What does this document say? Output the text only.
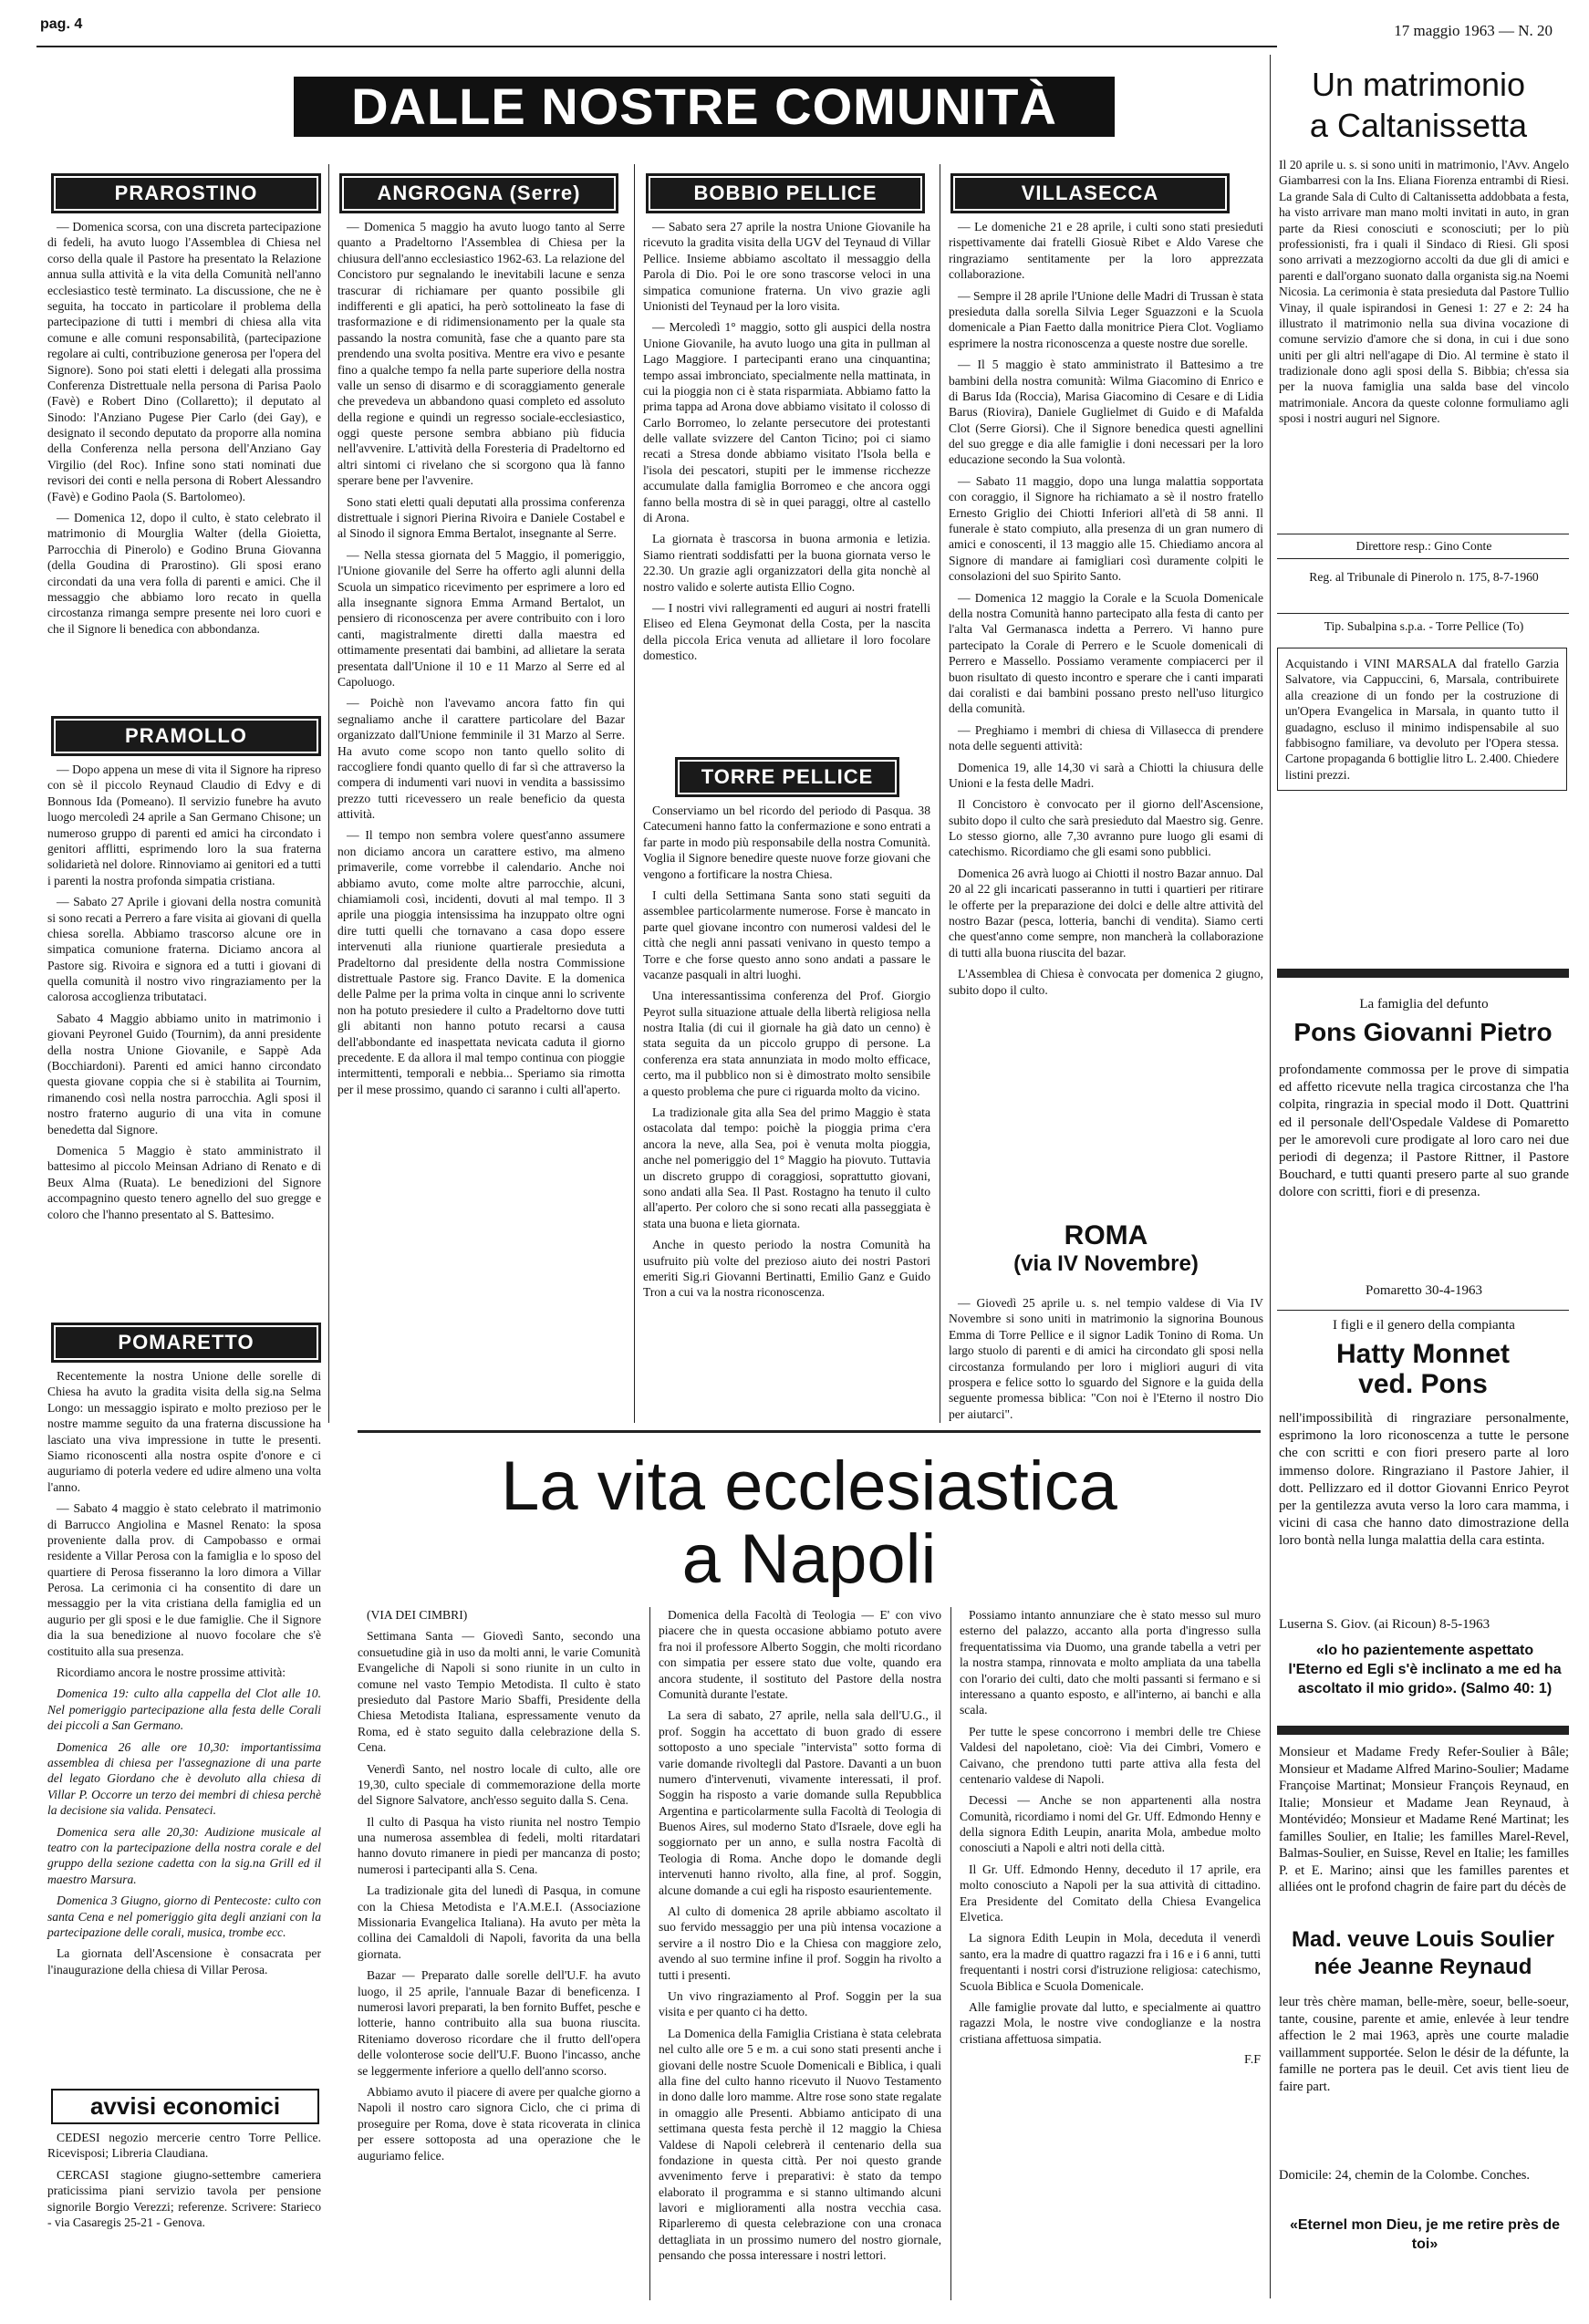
pag. 4	17 maggio 1963 — N. 20
DALLE NOSTRE COMUNITÀ	Un matrimonio
a Caltanissetta
Il 20 aprile u. s. si sono uniti in matrimonio, l'Avv. Angelo Giambarresi con la Ins. Eliana Fiorenza entrambi di Riesi. La grande Sala di Culto di Caltanissetta addobbata a festa, ha visto arrivare man mano molti invitati in auto, in gran parte da Riesi conosciuti e sconosciuti; per lo più professionisti, fra i quali il Sindaco di Riesi. Gli sposi sono arrivati a mezzogiorno accolti da due gli di amici e parenti e dall'organo suonato dalla organista sig.na Noemi Nicosia. La cerimonia è stata presieduta dal Pastore Tullio Vinay, il quale ispirandosi in Genesi 1: 27 e 2: 24 ha illustrato il matrimonio nella sua divina vocazione di comune servizio d'amore che si dona, in cui i due sono uniti per gli altri nell'agape di Dio. Al termine è stato il tradizionale dono agli sposi della S. Bibbia; ch'essa sia per la nuova famiglia una salda base del vincolo matrimoniale. Ancora da queste colonne formuliamo agli sposi i nostri auguri nel Signore.
Direttore resp.: Gino Conte
Reg. al Tribunale di Pinerolo n. 175, 8-7-1960
Tip. Subalpina s.p.a. - Torre Pellice (To)
Acquistando i VINI MARSALA dal fratello Garzia Salvatore, via Cappuccini, 6, Marsala, contribuirete alla creazione di un fondo per la costruzione di un'Opera Evangelica in Marsala, in quanto tutto il guadagno, escluso il minimo indispensabile al suo fabbisogno familiare, va devoluto per l'Opera stessa. Cartone propaganda 6 bottiglie litro L. 2.400. Chiedere listini prezzi.
PRAROSTINO

— Domenica scorsa, con una discreta partecipazione di fedeli, ha avuto luogo l'Assemblea di Chiesa nel corso della quale il Pastore ha presentato la Relazione annua sulla attività e la vita della Comunità nell'anno ecclesiastico testè terminato. La discussione, che ne è seguita, ha toccato in particolare il problema della partecipazione di tutti i membri di chiesa alla vita comune e alle comuni responsabilità, (partecipazione regolare ai culti, contribuzione generosa per l'opera del Signore). Sono poi stati eletti i delegati alla prossima Conferenza Distrettuale nella persona di Parisa Paolo (Favè) e Robert Dino (Collaretto); il deputato al Sinodo: l'Anziano Pugese Pier Carlo (dei Gay), e designato il secondo deputato da proporre alla nomina della Conferenza nella persona dell'Anziano Gay Virgilio (del Roc). Infine sono stati nominati due revisori dei conti e nella persona di Robert Alessandro (Favè) e Godino Paola (S. Bartolomeo).

— Domenica 12, dopo il culto, è stato celebrato il matrimonio di Mourglia Walter (della Gioietta, Parrocchia di Pinerolo) e Godino Bruna Giovanna (della Goudina di Prarostino). Gli sposi erano circondati da una vera folla di parenti e amici. Che il messaggio che abbiamo loro recato in quella circostanza rimanga sempre presente nei loro cuori e che il Signore li benedica con abbondanza.

PRAMOLLO

— Dopo appena un mese di vita il Signore ha ripreso con sè il piccolo Reynaud Claudio di Edvy e di Bonnous Ida (Pomeano). Il servizio funebre ha avuto luogo mercoledì 24 aprile a San Germano Chisone; un numeroso gruppo di parenti ed amici ha circondato i genitori afflitti, esprimendo loro la sua fraterna solidarietà nel dolore. Rinnoviamo ai genitori ed a tutti i parenti la nostra profonda simpatia cristiana.

— Sabato 27 Aprile i giovani della nostra comunità si sono recati a Perrero a fare visita ai giovani di quella chiesa sorella. Abbiamo trascorso alcune ore in simpatica comunione fraterna. Diciamo ancora al Pastore sig. Rivoira e signora ed a tutti i giovani di quella comunità il nostro vivo ringraziamento per la calorosa accoglienza tributataci.

Sabato 4 Maggio abbiamo unito in matrimonio i giovani Peyronel Guido (Tournim), da anni presidente della nostra Unione Giovanile, e Sappè Ada (Bocchiardoni). Parenti ed amici hanno circondato questa giovane coppia che si è stabilita ai Tournim, rimanendo così nella nostra parrocchia. Agli sposi il nostro fraterno augurio di una vita in comune benedetta dal Signore.

Domenica 5 Maggio è stato amministrato il battesimo al piccolo Meinsan Adriano di Renato e di Beux Alma (Ruata). Le benedizioni del Signore accompagnino questo tenero agnello del suo gregge e coloro che l'hanno presentato al S. Battesimo.

POMARETTO

Recentemente la nostra Unione delle sorelle di Chiesa ha avuto la gradita visita della sig.na Selma Longo: un messaggio ispirato e molto prezioso per le nostre mamme seguito da una fraterna discussione ha lasciato una viva impressione in tutte le presenti. Siamo riconoscenti alla nostra ospite d'onore e ci auguriamo di poterla vedere ed udire almeno una volta l'anno.

— Sabato 4 maggio è stato celebrato il matrimonio di Barrucco Angiolina e Masnel Renato: la sposa proveniente dalla prov. di Campobasso e ormai residente a Villar Perosa con la famiglia e lo sposo del quartiere di Perosa fisseranno la loro dimora a Villar Perosa. La cerimonia ci ha consentito di dare un messaggio per la vita cristiana della famiglia ed un augurio per gli sposi e le due famiglie. Che il Signore dia la sua benedizione al nuovo focolare che s'è costituito alla sua presenza.

Ricordiamo ancora le nostre prossime attività:

Domenica 19: culto alla cappella del Clot alle 10. Nel pomeriggio partecipazione alla festa delle Corali dei piccoli a San Germano.

Domenica 26 alle ore 10,30: importantissima assemblea di chiesa per l'assegnazione di una parte del legato Giordano che è devoluto alla chiesa di Villar P. Occorre un terzo dei membri di chiesa perchè la decisione sia valida. Pensateci.

Domenica sera alle 20,30: Audizione musicale al teatro con la partecipazione della nostra corale e del gruppo della sezione cadetta con la sig.na Grill ed il maestro Marsura.

Domenica 3 Giugno, giorno di Pentecoste: culto con santa Cena e nel pomeriggio gita degli anziani con la partecipazione delle corali, musica, trombe ecc.

La giornata dell'Ascensione è consacrata per l'inaugurazione della chiesa di Villar Perosa.

avvisi economici

CEDESI negozio mercerie centro Torre Pellice. Ricevisposi; Libreria Claudiana.

CERCASI stagione giugno-settembre cameriera praticissima piani servizio tavola per pensione signorile Borgio Verezzi; referenze. Scrivere: Starieco - via Casaregis 25-21 - Genova.

ANGROGNA (Serre)

— Domenica 5 maggio ha avuto luogo tanto al Serre quanto a Pradeltorno l'Assemblea di Chiesa per la chiusura dell'anno ecclesiastico 1962-63. La relazione del Concistoro pur segnalando le inevitabili lacune e senza trascurar di richiamare per quanto possibile gli indifferenti e gli apatici, ha però sottolineato la fase di trasformazione e di ridimensionamento per la quale sta passando la nostra comunità, fase che a quanto pare sta prendendo una svolta positiva. Mentre era vivo e pesante fino a qualche tempo fa nella parte superiore della nostra valle un senso di disarmo e di scoraggiamento generale che prevedeva un abbandono quasi completo ed assoluto della regione e quindi un regresso sociale-ecclesiastico, oggi queste persone sembra abbiano più fiducia nell'avvenire. L'attività della Foresteria di Pradeltorno ed altri sintomi ci rivelano che si scorgono qua là fanno sperare bene per l'avvenire.

Sono stati eletti quali deputati alla prossima conferenza distrettuale i signori Pierina Rivoira e Daniele Costabel e al Sinodo il signora Emma Bertalot, insegnante al Serre.

— Nella stessa giornata del 5 Maggio, il pomeriggio, l'Unione giovanile del Serre ha offerto agli alunni della Scuola un simpatico ricevimento per esprimere a loro ed alla insegnante signora Emma Armand Bertalot, un pensiero di riconoscenza per avere contribuito con i loro canti, magistralmente diretti dalla maestra ed ottimamente presentati dai bambini, ad allietare la serata presentata dall'Unione il 10 e 11 Marzo al Serre ed al Capoluogo.

— Poichè non l'avevamo ancora fatto fin qui segnaliamo anche il carattere particolare del Bazar organizzato dall'Unione femminile il 31 Marzo al Serre. Ha avuto come scopo non tanto quello solito di raccogliere fondi quanto quello di far sì che attraverso la compera di indumenti vari nuovi in vendita a bassissimo prezzo tutti ricevessero un reale beneficio da questa attività.

— Il tempo non sembra volere quest'anno assumere non diciamo ancora un carattere estivo, ma almeno primaverile, come vorrebbe il calendario. Anche noi abbiamo avuto, come molte altre parrocchie, alcuni, chiamiamoli così, incidenti, dovuti al mal tempo. Il 3 aprile una pioggia intensissima ha inzuppato oltre ogni dire tutti quelli che tornavano a casa dopo essere intervenuti alla riunione quartierale presieduta a Pradeltorno dal presidente della nostra Commissione distrettuale Pastore sig. Franco Davite. E la domenica delle Palme per la prima volta in cinque anni lo scrivente non ha potuto presiedere il culto a Pradeltorno dove tutti gli abitanti non hanno potuto recarsi a causa dell'abbondante ed inaspettata nevicata caduta il giorno precedente. E da allora il mal tempo continua con pioggie intermittenti, temporali e nebbia... Speriamo sia rimotta per il mese prossimo, quando ci saranno i culti all'aperto.

BOBBIO PELLICE

— Sabato sera 27 aprile la nostra Unione Giovanile ha ricevuto la gradita visita della UGV del Teynaud di Villar Pellice. Insieme abbiamo ascoltato il messaggio della Parola di Dio. Poi le ore sono trascorse veloci in una simpatica comunione fraterna. Un vivo grazie agli Unionisti del Teynaud per la loro visita.

— Mercoledì 1° maggio, sotto gli auspici della nostra Unione Giovanile, ha avuto luogo una gita in pullman al Lago Maggiore. I partecipanti erano una cinquantina; tempo assai imbronciato, specialmente nella mattinata, in cui la pioggia non ci è stata risparmiata. Abbiamo fatto la prima tappa ad Arona dove abbiamo visitato il colosso di Carlo Borromeo, lo zelante persecutore dei protestanti delle vallate svizzere del Canton Ticino; poi ci siamo recati a Stresa donde abbiamo visitato l'Isola bella e l'isola dei pescatori, stupiti per le immense ricchezze accumulate dalla famiglia Borromeo e che ancora oggi fanno bella mostra di sè in quei paraggi, oltre al castello di Arona.

La giornata è trascorsa in buona armonia e letizia. Siamo rientrati soddisfatti per la buona giornata verso le 22.30. Un grazie agli organizzatori della gita nonchè al nostro valido e solerte autista Ellio Cogno.

— I nostri vivi rallegramenti ed auguri ai nostri fratelli Eliseo ed Elena Geymonat della Costa, per la nascita della piccola Erica venuta ad allietare il loro focolare domestico.

TORRE PELLICE

Conserviamo un bel ricordo del periodo di Pasqua. 38 Catecumeni hanno fatto la confermazione e sono entrati a far parte in modo più responsabile della nostra Comunità. Voglia il Signore benedire queste nuove forze giovani che vengono a fortificare la nostra Chiesa.

I culti della Settimana Santa sono stati seguiti da assemblee particolarmente numerose. Forse è mancato in parte quel giovane incontro con numerosi valdesi del le città che negli anni passati venivano in questo tempo a Torre e che forse questo anno sono andati a passare le vacanze pasquali in altri luoghi.

Una interessantissima conferenza del Prof. Giorgio Peyrot sulla situazione attuale della libertà religiosa nella nostra Italia (di cui il giornale ha già dato un cenno) è stata seguita da un piccolo gruppo di persone. La conferenza era stata annunziata in modo molto efficace, certo, ma il pubblico non si è dimostrato molto sensibile a questo problema che pure ci riguarda molto da vicino.

La tradizionale gita alla Sea del primo Maggio è stata ostacolata dal tempo: poichè la pioggia prima c'era ancora la neve, alla Sea, poi è venuta molta pioggia, anche nel pomeriggio del 1° Maggio ha piovuto. Tuttavia un discreto gruppo di coraggiosi, soprattutto giovani, sono andati alla Sea. Il Past. Rostagno ha tenuto il culto all'aperto. Per coloro che si sono recati alla passeggiata è stata una buona e lieta giornata.

Anche in questo periodo la nostra Comunità ha usufruito più volte del prezioso aiuto dei nostri Pastori emeriti Sig.ri Giovanni Bertinatti, Emilio Ganz e Guido Tron a cui va la nostra riconoscenza.

VILLASECCA

— Le domeniche 21 e 28 aprile, i culti sono stati presieduti rispettivamente dai fratelli Giosuè Ribet e Aldo Varese che ringraziamo sentitamente per la loro apprezzata collaborazione.

— Sempre il 28 aprile l'Unione delle Madri di Trussan è stata presieduta dalla sorella Silvia Leger Sguazzoni e la Scuola domenicale a Pian Faetto dalla monitrice Piera Clot. Vogliamo esprimere la nostra riconoscenza a queste nostre due sorelle.

— Il 5 maggio è stato amministrato il Battesimo a tre bambini della nostra comunità: Wilma Giacomino di Enrico e di Barus Ida (Roccia), Marisa Giacomino di Cesare e di Lidia Barus (Riovira), Daniele Guglielmet di Guido e di Mafalda Clot (Serre Giorsi). Che il Signore benedica questi agnellini del suo gregge e dia alle famiglie i doni necessari per la loro educazione secondo la Sua volontà.

— Sabato 11 maggio, dopo una lunga malattia sopportata con coraggio, il Signore ha richiamato a sè il nostro fratello Ernesto Griglio dei Chiotti Inferiori all'età di 58 anni. Il funerale è stato compiuto, alla presenza di un gran numero di amici e conoscenti, il 13 maggio alle 15. Chiediamo ancora al Signore di mandare ai famigliari così duramente colpiti le consolazioni del suo Spirito Santo.

— Domenica 12 maggio la Corale e la Scuola Domenicale della nostra Comunità hanno partecipato alla festa di canto per l'alta Val Germanasca indetta a Perrero. Vi hanno pure partecipato la Corale di Perrero e le Scuole domenicali di Perrero e Massello. Possiamo veramente compiacerci per il buon risultato di questo incontro e sperare che i canti imparati dai coralisti e dai bambini possano presto nell'uso liturgico della comunità.

— Preghiamo i membri di chiesa di Villasecca di prendere nota delle seguenti attività:

Domenica 19, alle 14,30 vi sarà a Chiotti la chiusura delle Unioni e la festa delle Madri.

Il Concistoro è convocato per il giorno dell'Ascensione, subito dopo il culto che sarà presieduto dal Maestro sig. Genre. Lo stesso giorno, alle 7,30 avranno pure luogo gli esami di catechismo. Ricordiamo che gli esami sono pubblici.

Domenica 26 avrà luogo ai Chiotti il nostro Bazar annuo. Dal 20 al 22 gli incaricati passeranno in tutti i quartieri per ritirare le offerte per la preparazione dei dolci e delle altre attività del nostro Bazar (pesca, lotteria, banchi di vendita). Siamo certi che quest'anno come sempre, non mancherà la collaborazione di tutti alla buona riuscita del bazar.

L'Assemblea di Chiesa è convocata per domenica 2 giugno, subito dopo il culto.

ROMA
(via IV Novembre)

— Giovedì 25 aprile u. s. nel tempio valdese di Via IV Novembre si sono uniti in matrimonio la signorina Bounous Emma di Torre Pellice e il signor Ladik Tonino di Roma. Un largo stuolo di parenti e di amici ha circondato gli sposi nella circostanza formulando per loro i migliori auguri di vita prospera e felice sotto lo sguardo del Signore e la guida della seguente promessa biblica: "Con noi è l'Eterno il nostro Dio per aiutarci".

La famiglia del defunto
Pons Giovanni Pietro
profondamente commossa per le prove di simpatia ed affetto ricevute nella tragica circostanza che l'ha colpita, ringrazia in special modo il Dott. Quattrini ed il personale dell'Ospedale Valdese di Pomaretto per le amorevoli cure prodigate al loro caro nei due periodi di degenza; il Pastore Rittner, il Pastore Bouchard, e tutti quanti presero parte al suo grande dolore con scritti, fiori e di presenza.
Pomaretto 30-4-1963
I figli e il genero della compianta
Hatty Monnet
ved. Pons
nell'impossibilità di ringraziare personalmente, esprimono la loro riconoscenza a tutte le persone che con scritti e con fiori presero parte al loro immenso dolore. Ringraziano il Pastore Jahier, il dott. Pellizzaro ed il dottor Giovanni Enrico Peyrot per la gentilezza avuta verso la loro cara mamma, i vicini di casa che hanno dato dimostrazione della loro bontà nella lunga malattia della cara estinta.
Luserna S. Giov. (ai Ricoun) 8-5-1963
«Io ho pazientemente aspettato l'Eterno ed Egli s'è inclinato a me ed ha ascoltato il mio grido». (Salmo 40: 1)
Monsieur et Madame Fredy Refer-Soulier à Bâle; Monsieur et Madame Alfred Marino-Soulier; Madame Françoise Martinat; Monsieur François Reynaud, en Italie; Monsieur et Madame Jean Reynaud, à Montévidéo; Monsieur et Madame René Martinat; les familles Soulier, en Italie; les familles Marel-Revel, Balmas-Soulier, en Suisse, Revel en Italie; les familles P. et E. Marino; ainsi que les familles parentes et alliées ont le profond chagrin de faire part du décès de
Mad. veuve Louis Soulier
née Jeanne Reynaud
leur très chère maman, belle-mère, soeur, belle-soeur, tante, cousine, parente et amie, enlevée à leur tendre affection le 2 mai 1963, après une courte maladie vaillamment supportée. Selon le désir de la défunte, la famille ne portera pas le deuil. Cet avis tient lieu de faire part.
Domicile: 24, chemin de la Colombe. Conches.
«Eternel mon Dieu, je me retire près de toi»
La vita ecclesiastica
a Napoli

(VIA DEI CIMBRI)

Settimana Santa — Giovedì Santo, secondo una consuetudine già in uso da molti anni, le varie Comunità Evangeliche di Napoli si sono riunite in un culto in comune nel vasto Tempio Metodista. Il culto è stato presieduto dal Pastore Mario Sbaffi, Presidente della Chiesa Metodista Italiana, espressamente venuto da Roma, ed è stato seguito dalla celebrazione della S. Cena.

Venerdì Santo, nel nostro locale di culto, alle ore 19,30, culto speciale di commemorazione della morte del Signore Salvatore, anch'esso seguito dalla S. Cena.

Il culto di Pasqua ha visto riunita nel nostro Tempio una numerosa assemblea di fedeli, molti ritardatari hanno dovuto rimanere in piedi per mancanza di posto; numerosi i partecipanti alla S. Cena.

La tradizionale gita del lunedì di Pasqua, in comune con la Chiesa Metodista e l'A.M.E.I. (Associazione Missionaria Evangelica Italiana). Ha avuto per mèta la collina dei Camaldoli di Napoli, favorita da una bella giornata.

Bazar — Preparato dalle sorelle dell'U.F. ha avuto luogo, il 25 aprile, l'annuale Bazar di beneficenza. I numerosi lavori preparati, la ben fornito Buffet, pesche e lotterie, hanno contribuito alla sua buona riuscita. Riteniamo doveroso ricordare che il frutto dell'opera delle volonterose socie dell'U.F. Buono l'incasso, anche se leggermente inferiore a quello dell'anno scorso.

Abbiamo avuto il piacere di avere per qualche giorno a Napoli il nostro caro signora Ciclo, che ci prima di proseguire per Roma, dove è stata ricoverata in clinica per essere sottoposta ad una operazione che le auguriamo felice.

Domenica della Facoltà di Teologia — E' con vivo piacere che in questa occasione abbiamo potuto avere fra noi il professore Alberto Soggin, che molti ricordano con simpatia per essere stato due volte, quando era ancora studente, il sostituto del Pastore della nostra Comunità durante l'estate.

La sera di sabato, 27 aprile, nella sala dell'U.G., il prof. Soggin ha accettato di buon grado di essere sottoposto a uno speciale "intervista" sotto forma di varie domande rivoltegli dal Pastore. Davanti a un buon numero d'intervenuti, vivamente interessati, il prof. Soggin ha risposto a varie domande sulla Repubblica Argentina e particolarmente sulla Facoltà di Teologia di Buenos Aires, sul moderno Stato d'Israele, dove egli ha soggiornato per un anno, e sulla nostra Facoltà di Teologia di Roma. Anche dopo le domande degli intervenuti hanno rivolto, alla fine, al prof. Soggin, alcune domande a cui egli ha risposto esaurientemente.

Al culto di domenica 28 aprile abbiamo ascoltato il suo fervido messaggio per una più intensa vocazione a servire a il nostro Dio e la Chiesa con maggiore zelo, avendo al suo termine infine il prof. Soggin ha rivolto a tutti i presenti.

Un vivo ringraziamento al Prof. Soggin per la sua visita e per quanto ci ha detto.

La Domenica della Famiglia Cristiana è stata celebrata nel culto alle ore 5 e m. a cui sono stati presenti anche i giovani delle nostre Scuole Domenicali e Biblica, i quali alla fine del culto hanno ricevuto il Nuovo Testamento in dono dalle loro mamme. Altre rose sono state regalate in omaggio alle Presenti. Abbiamo anticipato di una settimana questa festa perchè il 12 maggio la Chiesa Valdese di Napoli celebrerà il centenario della sua fondazione in questa città. Per noi questo grande avvenimento ferve i preparativi: è stato da tempo elaborato il programma e si stanno ultimando alcuni lavori e miglioramenti alla nostra vecchia casa. Riparleremo di questa celebrazione con una cronaca dettagliata in un prossimo numero del nostro giornale, pensando che possa interessare i nostri lettori.

Possiamo intanto annunziare che è stato messo sul muro esterno del palazzo, accanto alla porta d'ingresso sulla frequentatissima via Duomo, una grande tabella a vetri per la nostra stampa, rinnovata e molto ampliata da una tabella con l'orario dei culti, dato che molti passanti si fermano e si interessano a quanto esposto, e all'interno, ai banchi e alla scala.

Per tutte le spese concorrono i membri delle tre Chiese Valdesi del napoletano, cioè: Via dei Cimbri, Vomero e Caivano, che prendono tutti parte attiva alla festa del centenario valdese di Napoli.

Decessi — Anche se non appartenenti alla nostra Comunità, ricordiamo i nomi del Gr. Uff. Edmondo Henny e della signora Edith Leupin, anarita Mola, ambedue molto conosciuti a Napoli e altri noti della città.

Il Gr. Uff. Edmondo Henny, deceduto il 17 aprile, era molto conosciuto a Napoli per la sua attività di cittadino. Era Presidente del Comitato della Chiesa Evangelica Elvetica.

La signora Edith Leupin in Mola, deceduta il venerdì santo, era la madre di quattro ragazzi fra i 16 e i 6 anni, tutti frequentanti i nostri corsi d'istruzione religiosa: catechismo, Scuola Biblica e Scuola Domenicale.

Alle famiglie provate dal lutto, e specialmente ai quattro ragazzi Mola, le nostre vive condoglianze e la nostra cristiana affettuosa simpatia.

F.F
